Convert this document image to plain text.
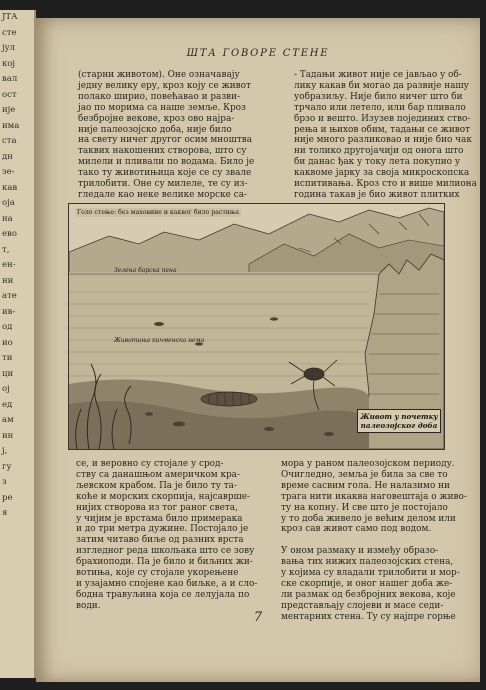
ЈТА
сте
јул
кој
вал
ост
ије
има
ста
дн
зе-
кав
оја
на
ево
т,
ен-
ни
ате
ив-
од
ио
ти
ци
ој
ед
ам
ин
ј,
гу
з
ре
я
ШТА ГОВОРЕ СТЕНЕ

(старни животом). Оне означавају

једну велику еру, кроз коју се живот

полако ширио, повећавао и разви-

јао по морима са наше земље. Кроз

безбројне векове, кроз ово најра-

није палеозојско доба, није било

на свету ничег другог осим мноштва

таквих накошених створова, што су

милели и пливали по водама. Било је

тако ту животињица које се су звале

трилобити. Оне су милеле, те су из-

гледале као неке велике морске са-

- Тадањи живот није се јављао у об-

лику какав би могао да развије нашу

уобразиљу. Није било ничег што би

трчало или летело, или бар пливало

брзо и вешто. Изузев појединих ство-

рења и њихов обим, тадањи се живот

није много разликовао и није био чак

ни толико другојачији од оногa што

би данас ђак у току лета покупио у

каквоме јарку за своја микроскопска

испитивања. Кроз сто и више милиона

година такав је био живот плитких

Голо стење: без маховине и каквог било растиња
Зелена барска пена
Животиња кичменска нема
Живот у почетку
палеозојског доба

се, и веровно су стојале у срод-

ству са данашњом америчком кра-

љевском крабом. Па је било ту та-

коће и морских скорпија, најсаврше-

нијих створова из тог раног света,

у чијим је врстама било примерака

и до три метра дужине. Постојало је

затим читаво биље од разних врста

изгледног реда школьака што се зову

брахиоподи. Па је било и биљних жи-

вотиња, које су стојале укорењене

и узајамно спојене као биљке, а и сло-

бодна травуљина која се лелујала по

води.

мора у раном палеозојском периоду.

Очигледно, земља је била за све то

време сасвим гола. Не налазимо ни

трага нити икаква наговештаја о живо-

ту на копну. И све што је постојало

у то доба живело је већим делом или

кроз сав живот само под водом.

У оном размаку и између образо-

вања тих нижих палеозојских стена,

у којима су владали трилобити и мор-

ске скорпије, и оног нашег доба же-

ли размак од безбројних векова, које

представљају слојеви и масе седи-

ментарних стена. Ту су најпре горње

7
